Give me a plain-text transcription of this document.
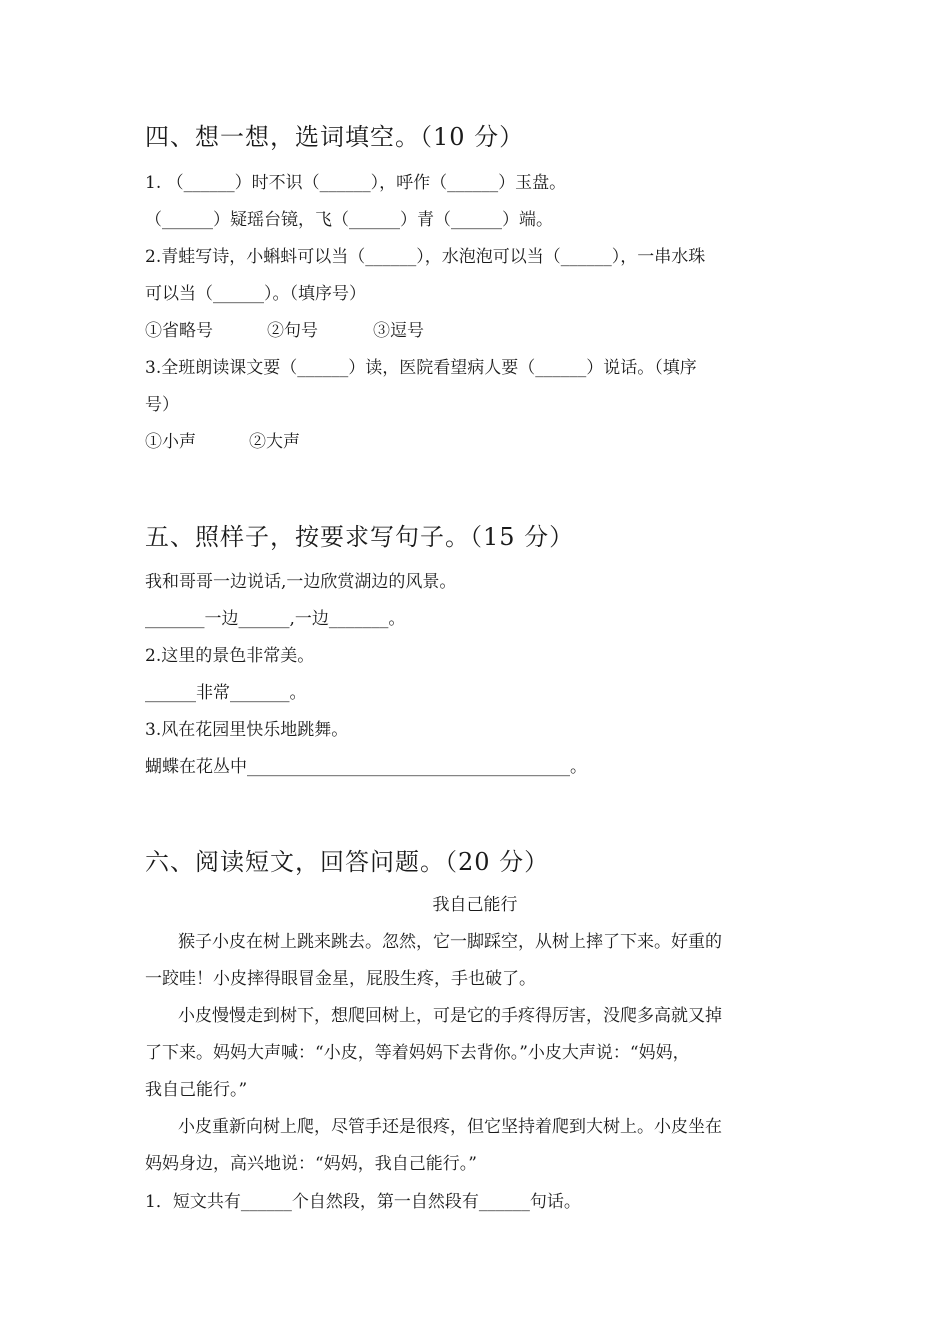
四、想一想，选词填空。（10 分）
1. （______）时不识（______），呼作（______）玉盘。
（______）疑瑶台镜，飞（______）青（______）端。
2.青蛙写诗，小蝌蚪可以当（______），水泡泡可以当（______），一串水珠
可以当（______）。（填序号）
①省略号	②句号	③逗号
3.全班朗读课文要（______）读，医院看望病人要（______）说话。（填序
号）
①小声	②大声
五、照样子，按要求写句子。（15 分）
我和哥哥一边说话,一边欣赏湖边的风景。
_______一边______,一边_______。
2.这里的景色非常美。
______非常_______。
3.风在花园里快乐地跳舞。
蝴蝶在花丛中______________________________________。
六、阅读短文，回答问题。（20 分）
我自己能行
猴子小皮在树上跳来跳去。忽然，它一脚踩空，从树上摔了下来。好重的
一跤哇！小皮摔得眼冒金星，屁股生疼，手也破了。
小皮慢慢走到树下，想爬回树上，可是它的手疼得厉害，没爬多高就又掉
了下来。妈妈大声喊：“小皮，等着妈妈下去背你。”小皮大声说：“妈妈，
我自己能行。”
小皮重新向树上爬，尽管手还是很疼，但它坚持着爬到大树上。小皮坐在
妈妈身边，高兴地说：“妈妈，我自己能行。”
1．短文共有______个自然段，第一自然段有______句话。
